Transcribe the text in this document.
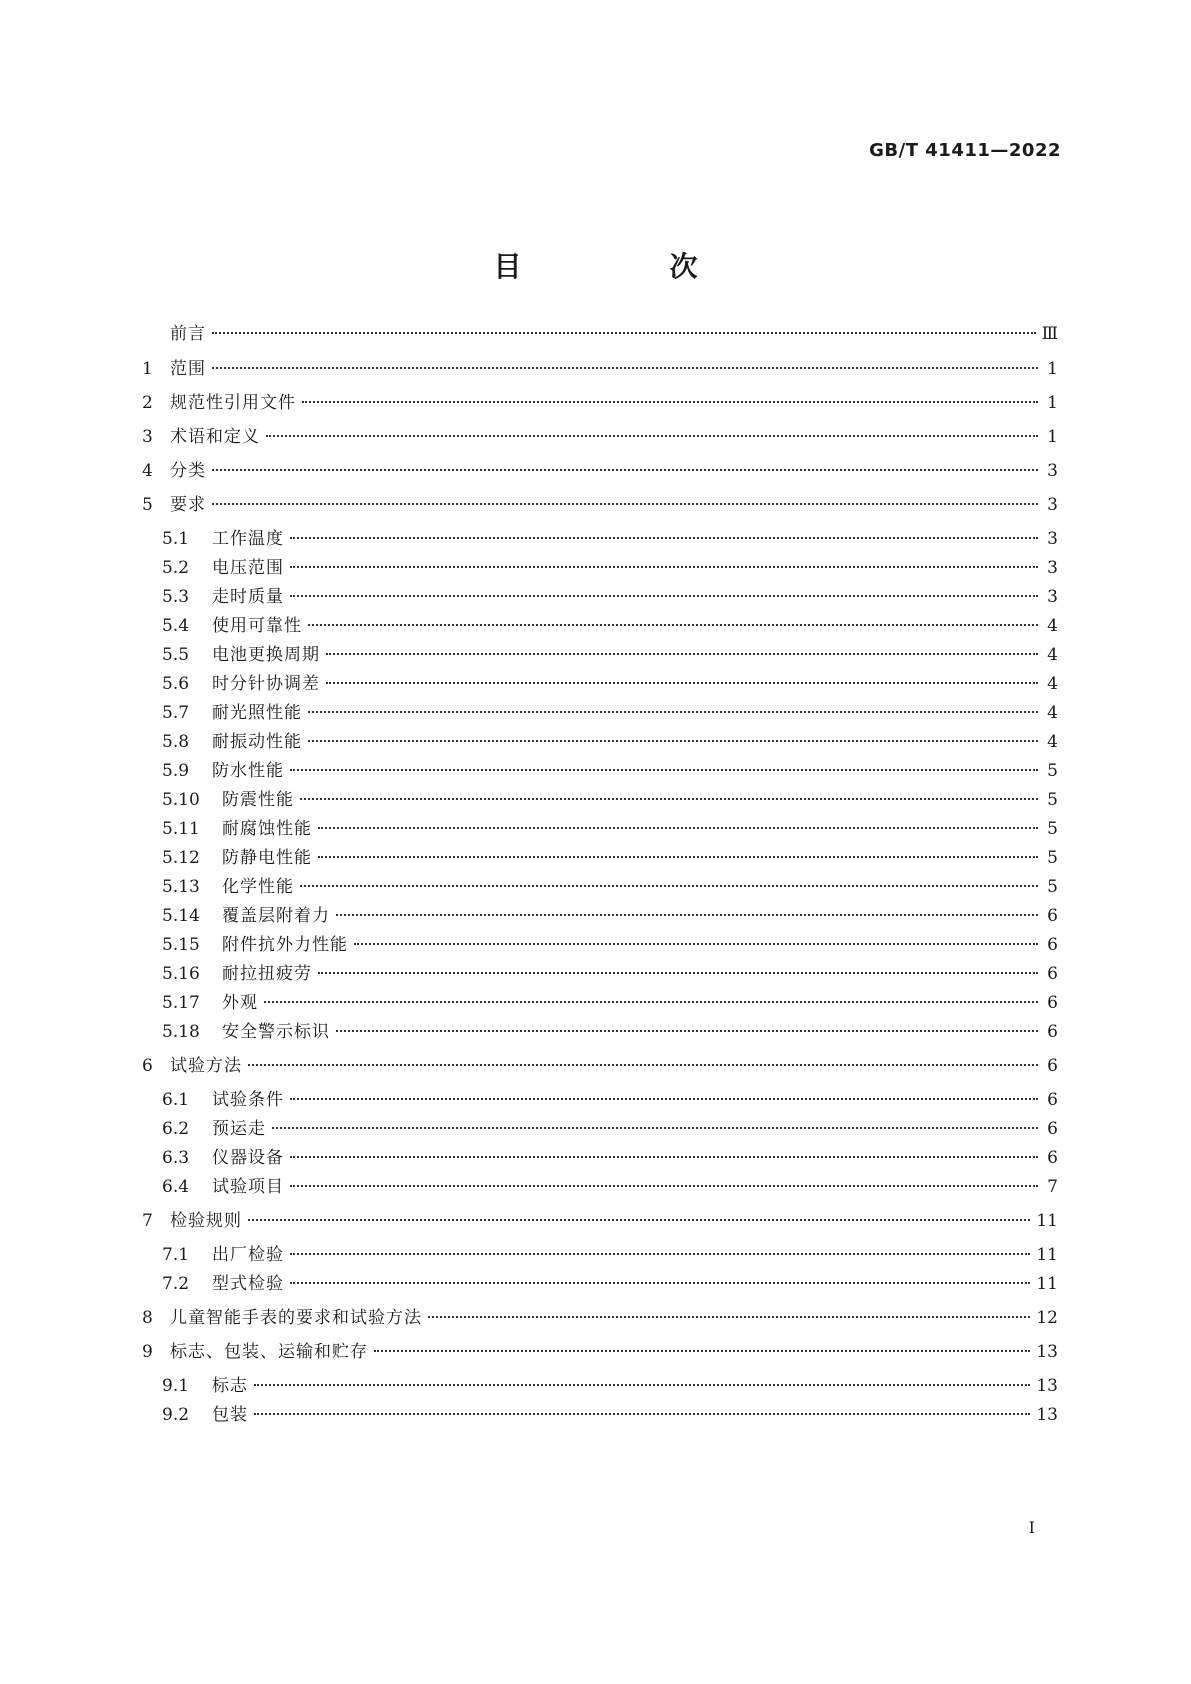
GB/T 41411—2022
目　次
前言	Ⅲ
1	范围	1
2	规范性引用文件	1
3	术语和定义	1
4	分类	3
5	要求	3
5.1	工作温度	3
5.2	电压范围	3
5.3	走时质量	3
5.4	使用可靠性	4
5.5	电池更换周期	4
5.6	时分针协调差	4
5.7	耐光照性能	4
5.8	耐振动性能	4
5.9	防水性能	5
5.10	防震性能	5
5.11	耐腐蚀性能	5
5.12	防静电性能	5
5.13	化学性能	5
5.14	覆盖层附着力	6
5.15	附件抗外力性能	6
5.16	耐拉扭疲劳	6
5.17	外观	6
5.18	安全警示标识	6
6	试验方法	6
6.1	试验条件	6
6.2	预运走	6
6.3	仪器设备	6
6.4	试验项目	7
7	检验规则	11
7.1	出厂检验	11
7.2	型式检验	11
8	儿童智能手表的要求和试验方法	12
9	标志、包装、运输和贮存	13
9.1	标志	13
9.2	包装	13
I
